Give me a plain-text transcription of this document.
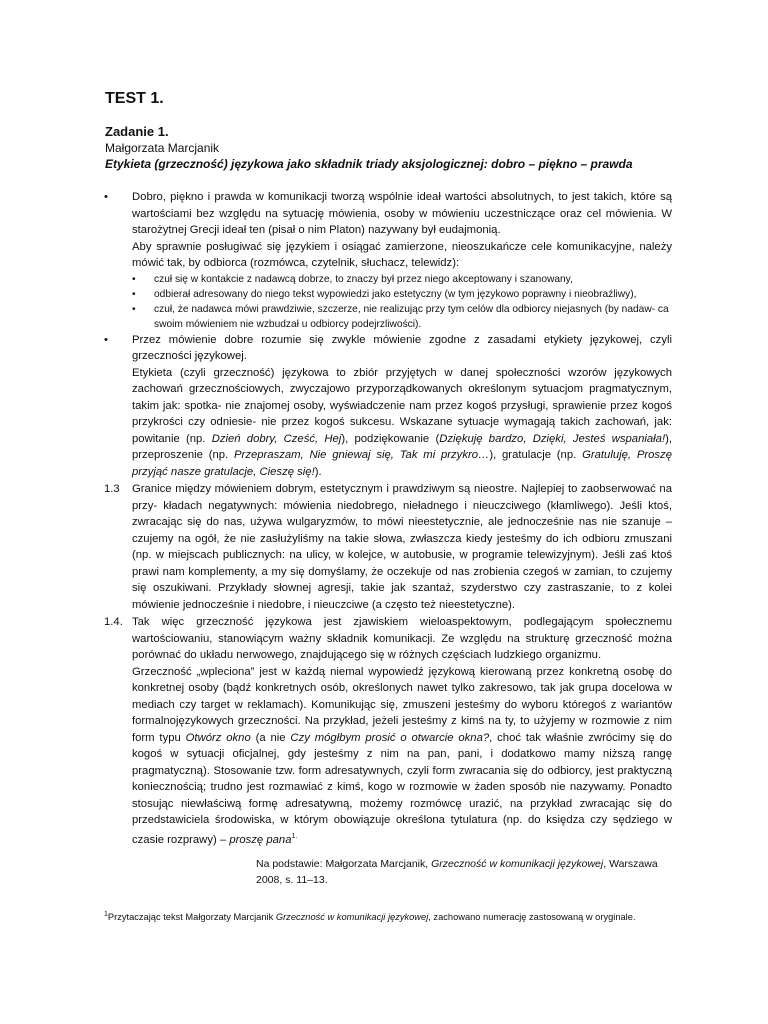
TEST 1.
Zadanie 1.
Małgorzata Marcjanik
Etykieta (grzeczność) językowa jako składnik triady aksjologicznej: dobro – piękno – prawda
• Dobro, piękno i prawda w komunikacji tworzą wspólnie ideał wartości absolutnych, to jest takich, które są wartościami bez względu na sytuację mówienia, osoby w mówieniu uczestniczące oraz cel mówienia. W starożytnej Grecji ideał ten (pisał o nim Platon) nazywany był eudajmonią.
Aby sprawnie posługiwać się językiem i osiągać zamierzone, nieoszukańcze cele komunikacyjne, należy mówić tak, by odbiorca (rozmówca, czytelnik, słuchacz, telewidz):
• czuł się w kontakcie z nadawcą dobrze, to znaczy był przez niego akceptowany i szanowany,
• odbierał adresowany do niego tekst wypowiedzi jako estetyczny (w tym językowo poprawny i nieobraźliwy),
• czuł, że nadawca mówi prawdziwie, szczerze, nie realizując przy tym celów dla odbiorcy niejasnych (by nadaw- ca swoim mówieniem nie wzbudzał u odbiorcy podejrzliwości).
• Przez mówienie dobre rozumie się zwykle mówienie zgodne z zasadami etykiety językowej, czyli grzeczności językowej.
Etykieta (czyli grzeczność) językowa to zbiór przyjętych w danej społeczności wzorów językowych zachowań grzecznościowych, zwyczajowo przyporządkowanych określonym sytuacjom pragmatycznym, takim jak: spotka- nie znajomej osoby, wyświadczenie nam przez kogoś przysługi, sprawienie przez kogoś przykrości czy odniesie- nie przez kogoś sukcesu. Wskazane sytuacje wymagają takich zachowań, jak: powitanie (np. Dzień dobry, Cześć, Hej), podziękowanie (Dziękuję bardzo, Dzięki, Jesteś wspaniała!), przeproszenie (np. Przepraszam, Nie gniewaj się, Tak mi przykro…), gratulacje (np. Gratuluję, Proszę przyjąć nasze gratulacje, Cieszę się!).
1.3 Granice między mówieniem dobrym, estetycznym i prawdziwym są nieostre. Najlepiej to zaobserwować na przy- kładach negatywnych: mówienia niedobrego, nieładnego i nieuczciwego (kłamliwego). Jeśli ktoś, zwracając się do nas, używa wulgaryzmów, to mówi nieestetycznie, ale jednocześnie nas nie szanuje – czujemy na ogół, że nie zasłużyliśmy na takie słowa, zwłaszcza kiedy jesteśmy do ich odbioru zmuszani (np. w miejscach publicznych: na ulicy, w kolejce, w autobusie, w programie telewizyjnym). Jeśli zaś ktoś prawi nam komplementy, a my się domyślamy, że oczekuje od nas zrobienia czegoś w zamian, to czujemy się oszukiwani. Przykłady słownej agresji, takie jak szantaż, szyderstwo czy zastraszanie, to z kolei mówienie jednocześnie i niedobre, i nieuczciwe (a często też nieestetyczne).
1.4. Tak więc grzeczność językowa jest zjawiskiem wieloaspektowym, podlegającym społecznemu wartościowaniu, stanowiącym ważny składnik komunikacji. Ze względu na strukturę grzeczność można porównać do układu nerwowego, znajdującego się w różnych częściach ludzkiego organizmu.
Grzeczność „wpleciona” jest w każdą niemal wypowiedź językową kierowaną przez konkretną osobę do konkretnej osoby (bądź konkretnych osób, określonych nawet tylko zakresowo, tak jak grupa docelowa w mediach czy target w reklamach). Komunikując się, zmuszeni jesteśmy do wyboru któregoś z wariantów formalnojęzykowych grzeczności. Na przykład, jeżeli jesteśmy z kimś na ty, to użyjemy w rozmowie z nim form typu Otwórz okno (a nie Czy mógłbym prosić o otwarcie okna?, choć tak właśnie zwrócimy się do kogoś w sytuacji oficjalnej, gdy jesteśmy z nim na pan, pani, i dodatkowo mamy niższą rangę pragmatyczną). Stosowanie tzw. form adresatywnych, czyli form zwracania się do odbiorcy, jest praktyczną koniecznością; trudno jest rozmawiać z kimś, kogo w rozmowie w żaden sposób nie nazywamy. Ponadto stosując niewłaściwą formę adresatywną, możemy rozmówcę urazić, na przykład zwracając się do przedstawiciela środowiska, w którym obowiązuje określona tytulatura (np. do księdza czy sędziego w czasie rozprawy) – proszę pana$^{1.}$
Na podstawie: Małgorzata Marcjanik, Grzeczność w komunikacji językowej, Warszawa 2008, s. 11–13.
$^1$Przytaczając tekst Małgorzaty Marcjanik Grzeczność w komunikacji językowej, zachowano numerację zastosowaną w oryginale.
